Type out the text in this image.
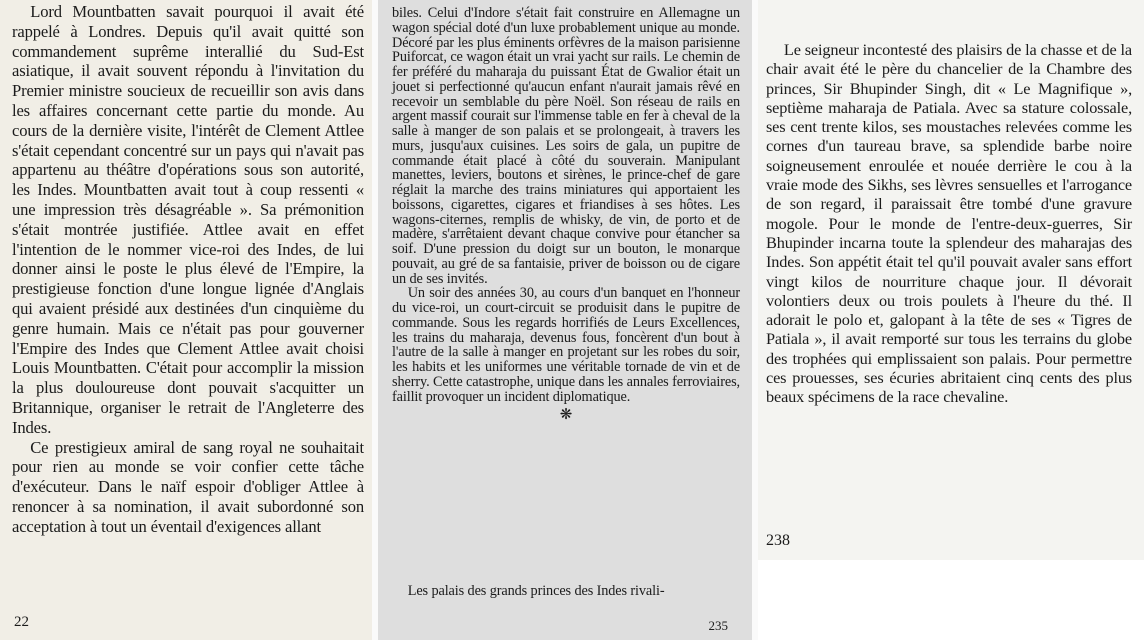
Lord Mountbatten savait pourquoi il avait été rappelé à Londres. Depuis qu'il avait quitté son commandement suprême interallié du Sud-Est asiatique, il avait souvent répondu à l'invitation du Premier ministre soucieux de recueillir son avis dans les affaires concernant cette partie du monde. Au cours de la dernière visite, l'intérêt de Clement Attlee s'était cependant concentré sur un pays qui n'avait pas appartenu au théâtre d'opérations sous son autorité, les Indes. Mountbatten avait tout à coup ressenti « une impression très désagréable ». Sa prémonition s'était montrée justifiée. Attlee avait en effet l'intention de le nommer vice-roi des Indes, de lui donner ainsi le poste le plus élevé de l'Empire, la prestigieuse fonction d'une longue lignée d'Anglais qui avaient présidé aux destinées d'un cinquième du genre humain. Mais ce n'était pas pour gouverner l'Empire des Indes que Clement Attlee avait choisi Louis Mountbatten. C'était pour accomplir la mission la plus douloureuse dont pouvait s'acquitter un Britannique, organiser le retrait de l'Angleterre des Indes.

Ce prestigieux amiral de sang royal ne souhaitait pour rien au monde se voir confier cette tâche d'exécuteur. Dans le naïf espoir d'obliger Attlee à renoncer à sa nomination, il avait subordonné son acceptation à tout un éventail d'exigences allant

22

biles. Celui d'Indore s'était fait construire en Allemagne un wagon spécial doté d'un luxe probablement unique au monde. Décoré par les plus éminents orfèvres de la maison parisienne Puiforcat, ce wagon était un vrai yacht sur rails. Le chemin de fer préféré du maharaja du puissant État de Gwalior était un jouet si perfectionné qu'aucun enfant n'aurait jamais rêvé en recevoir un semblable du père Noël. Son réseau de rails en argent massif courait sur l'immense table en fer à cheval de la salle à manger de son palais et se prolongeait, à travers les murs, jusqu'aux cuisines. Les soirs de gala, un pupitre de commande était placé à côté du souverain. Manipulant manettes, leviers, boutons et sirènes, le prince-chef de gare réglait la marche des trains miniatures qui apportaient les boissons, cigarettes, cigares et friandises à ses hôtes. Les wagons-citernes, remplis de whisky, de vin, de porto et de madère, s'arrêtaient devant chaque convive pour étancher sa soif. D'une pression du doigt sur un bouton, le monarque pouvait, au gré de sa fantaisie, priver de boisson ou de cigare un de ses invités.

Un soir des années 30, au cours d'un banquet en l'honneur du vice-roi, un court-circuit se produisit dans le pupitre de commande. Sous les regards horrifiés de Leurs Excellences, les trains du maharaja, devenus fous, foncèrent d'un bout à l'autre de la salle à manger en projetant sur les robes du soir, les habits et les uniformes une véritable tornade de vin et de sherry. Cette catastrophe, unique dans les annales ferroviaires, faillit provoquer un incident diplomatique.

❋

Les palais des grands princes des Indes rivali-

235

Le seigneur incontesté des plaisirs de la chasse et de la chair avait été le père du chancelier de la Chambre des princes, Sir Bhupinder Singh, dit « Le Magnifique », septième maharaja de Patiala. Avec sa stature colossale, ses cent trente kilos, ses moustaches relevées comme les cornes d'un taureau brave, sa splendide barbe noire soigneusement enroulée et nouée derrière le cou à la vraie mode des Sikhs, ses lèvres sensuelles et l'arrogance de son regard, il paraissait être tombé d'une gravure mogole. Pour le monde de l'entre-deux-guerres, Sir Bhupinder incarna toute la splendeur des maharajas des Indes. Son appétit était tel qu'il pouvait avaler sans effort vingt kilos de nourriture chaque jour. Il dévorait volontiers deux ou trois poulets à l'heure du thé. Il adorait le polo et, galopant à la tête de ses « Tigres de Patiala », il avait remporté sur tous les terrains du globe des trophées qui emplissaient son palais. Pour permettre ces prouesses, ses écuries abritaient cinq cents des plus beaux spécimens de la race chevaline.

238
